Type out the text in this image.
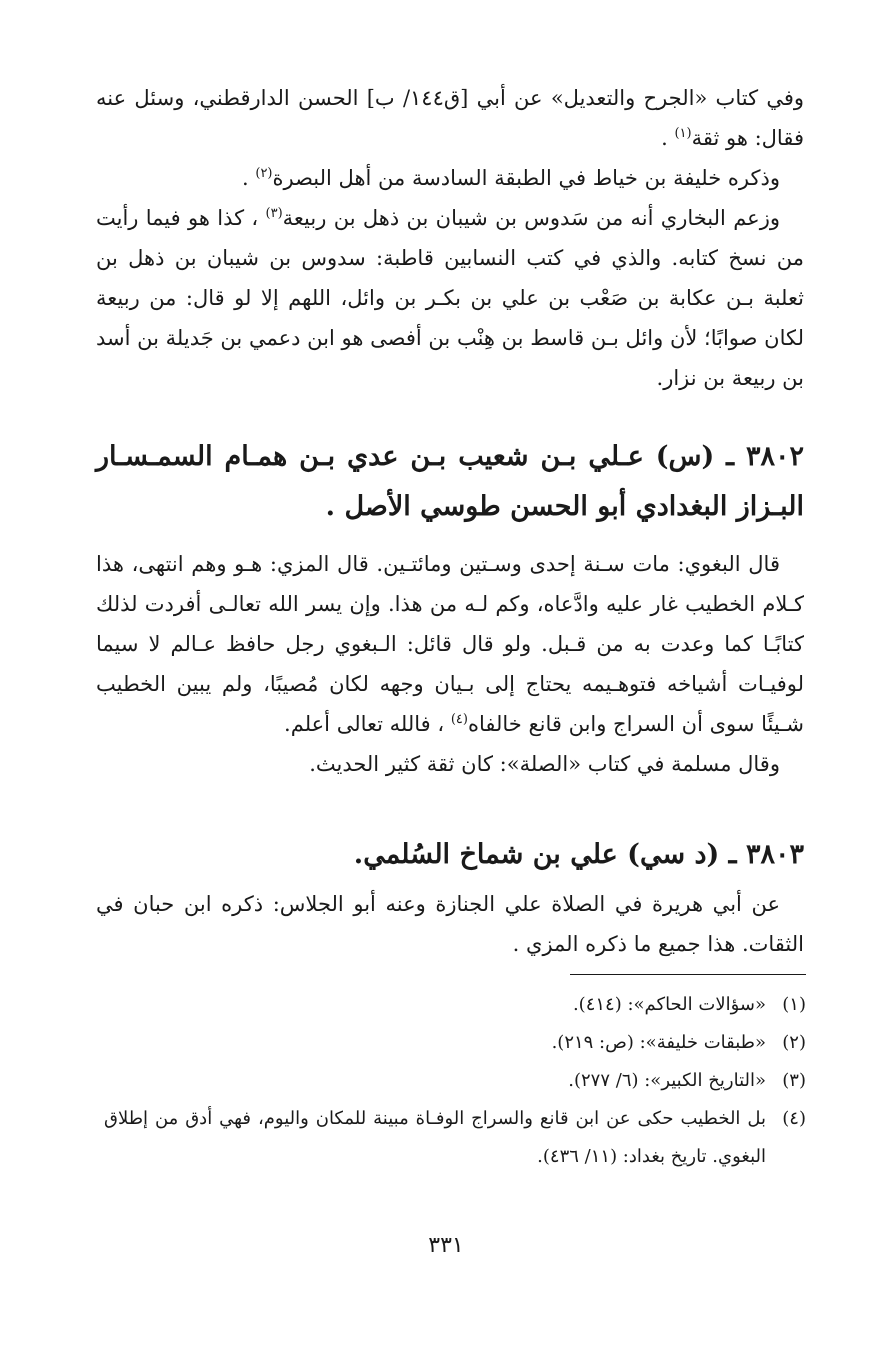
وفي كتاب «الجرح والتعديل» عن أبي [ق١٤٤/ ب] الحسن الدارقطني، وسئل عنه فقال: هو ثقة$^{(١)}$ .

وذكره خليفة بن خياط في الطبقة السادسة من أهل البصرة$^{(٢)}$ .

وزعم البخاري أنه من سَدوس بن شيبان بن ذهل بن ربيعة$^{(٣)}$ ، كذا هو فيما رأيت من نسخ كتابه. والذي في كتب النسابين قاطبة: سدوس بن شيبان بن ذهل بن ثعلبة بـن عكابة بن صَعْب بن علي بن بكـر بن وائل، اللهم إلا لو قال: من ربيعة لكان صوابًا؛ لأن وائل بـن قاسط بن هِنْب بن أفصى هو ابن دعمي بن جَديلة بن أسد بن ربيعة بن نزار.

٣٨٠٢ ـ (س) عـلي بـن شعيب بـن عدي بـن همـام السمـسـار البـزاز البغدادي أبو الحسن طوسي الأصل .

قال البغوي: مات سـنة إحدى وسـتين ومائتـين. قال المزي: هـو وهم انتهى، هذا كـلام الخطيب غار عليه وادَّعاه، وكم لـه من هذا. وإن يسر الله تعالـى أفردت لذلك كتابًـا كما وعدت به من قـبل. ولو قال قائل: الـبغوي رجل حافظ عـالم لا سيما لوفيـات أشياخه فتوهـيمه يحتاج إلى بـيان وجهه لكان مُصيبًا، ولم يبين الخطيب شـيئًا سوى أن السراج وابن قانع خالفاه$^{(٤)}$ ، فالله تعالى أعلم.

وقال مسلمة في كتاب «الصلة»: كان ثقة كثير الحديث.

٣٨٠٣ ـ (د سي) علي بن شماخ السُلمي.

عن أبي هريرة في الصلاة علي الجنازة وعنه أبو الجلاس: ذكره ابن حبان في الثقات. هذا جميع ما ذكره المزي .

(١)
«سؤالات الحاكم»: (٤١٤).

(٢)
«طبقات خليفة»: (ص: ٢١٩).

(٣)
«التاريخ الكبير»: (٦/ ٢٧٧).

(٤)
بل الخطيب حكى عن ابن قانع والسراج الوفـاة مبينة للمكان واليوم، فهي أدق من إطلاق البغوي. تاريخ بغداد: (١١/ ٤٣٦).

٣٣١
